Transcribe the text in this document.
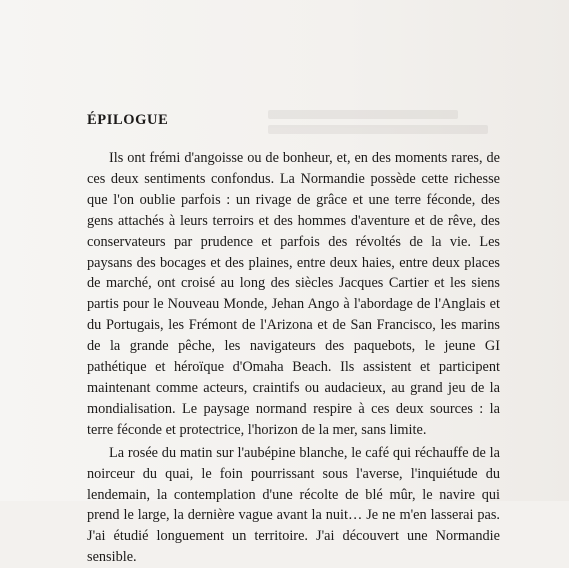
ÉPILOGUE

Ils ont frémi d'angoisse ou de bonheur, et, en des moments rares, de ces deux sentiments confondus. La Normandie possède cette richesse que l'on oublie parfois : un rivage de grâce et une terre féconde, des gens attachés à leurs terroirs et des hommes d'aventure et de rêve, des conservateurs par prudence et parfois des révoltés de la vie. Les paysans des bocages et des plaines, entre deux haies, entre deux places de marché, ont croisé au long des siècles Jacques Cartier et les siens partis pour le Nouveau Monde, Jehan Ango à l'abordage de l'Anglais et du Portugais, les Frémont de l'Arizona et de San Francisco, les marins de la grande pêche, les navigateurs des paquebots, le jeune GI pathétique et héroïque d'Omaha Beach. Ils assistent et participent maintenant comme acteurs, craintifs ou audacieux, au grand jeu de la mondialisation. Le paysage normand respire à ces deux sources : la terre féconde et protectrice, l'horizon de la mer, sans limite.

La rosée du matin sur l'aubépine blanche, le café qui réchauffe de la noirceur du quai, le foin pourrissant sous l'averse, l'inquiétude du lendemain, la contemplation d'une récolte de blé mûr, le navire qui prend le large, la dernière vague avant la nuit… Je ne m'en lasserai pas. J'ai étudié longuement un territoire. J'ai découvert une Normandie sensible.
